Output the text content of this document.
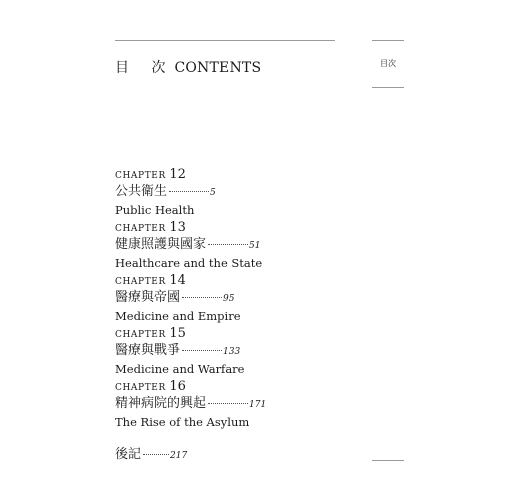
目 次CONTENTS	目次
CHAPTER 12
公共衛生	5
Public Health
CHAPTER 13
健康照護與國家	51
Healthcare and the State
CHAPTER 14
醫療與帝國	95
Medicine and Empire
CHAPTER 15
醫療與戰爭	133
Medicine and Warfare
CHAPTER 16
精神病院的興起	171
The Rise of the Asylum
後記	217
